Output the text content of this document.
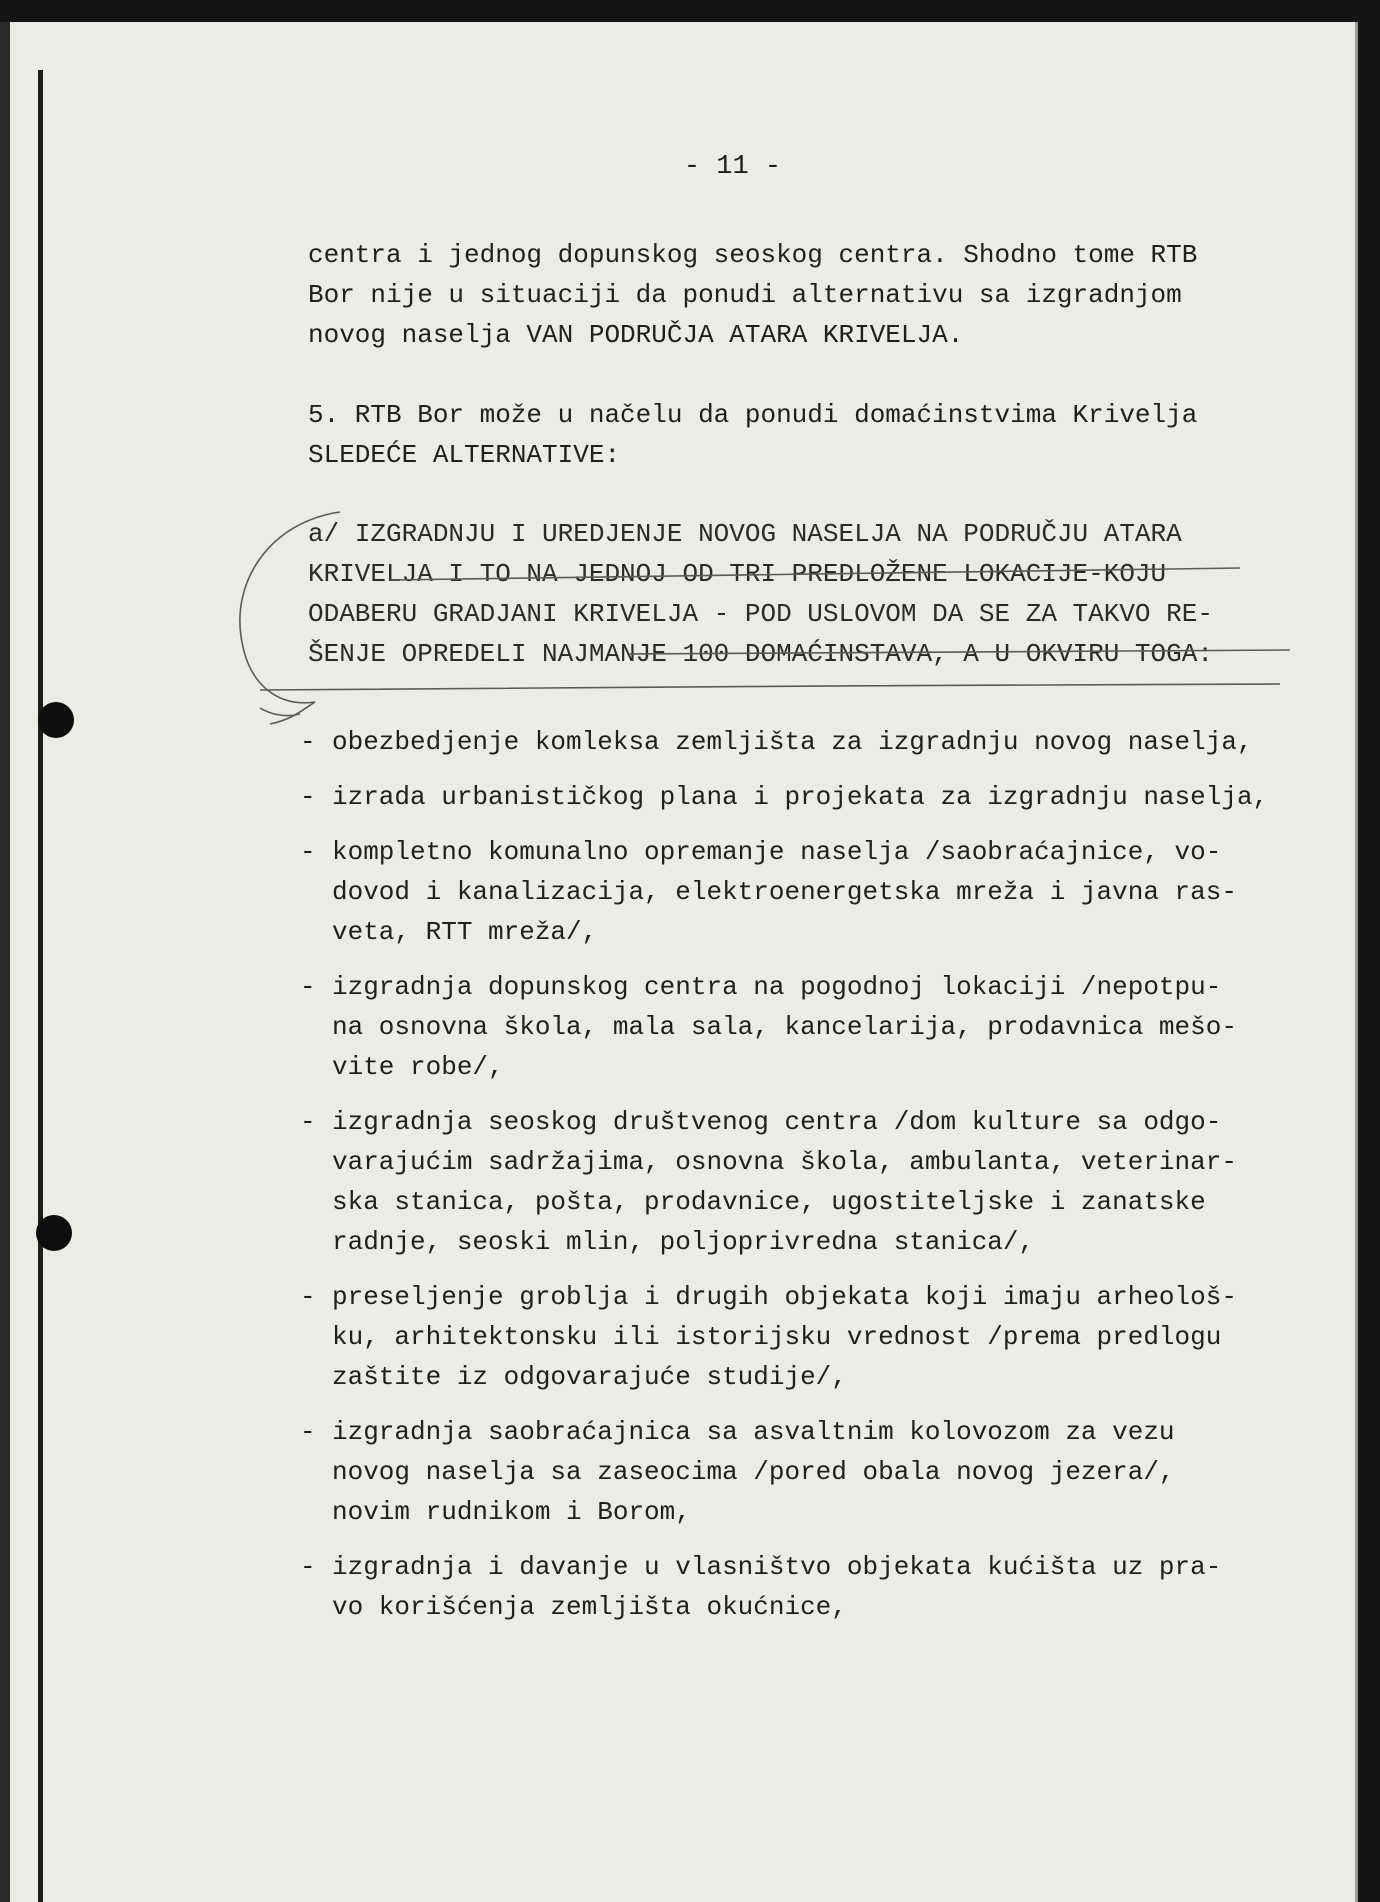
- 11 -
centra i jednog dopunskog seoskog centra. Shodno tome RTB
Bor nije u situaciji da ponudi alternativu sa izgradnjom
novog naselja VAN PODRUČJA ATARA KRIVELJA.
5. RTB Bor može u načelu da ponudi domaćinstvima Krivelja
SLEDEĆE ALTERNATIVE:
a/ IZGRADNJU I UREDJENJE NOVOG NASELJA NA PODRUČJU ATARA
KRIVELJA I TO NA JEDNOJ OD TRI PREDLOŽENE LOKACIJE-KOJU
ODABERU GRADJANI KRIVELJA - POD USLOVOM DA SE ZA TAKVO RE-
ŠENJE OPREDELI NAJMANJE 100 DOMAĆINSTAVA, A U OKVIRU TOGA:
- obezbedjenje komleksa zemljišta za izgradnju novog naselja,
- izrada urbanističkog plana i projekata za izgradnju naselja,
- kompletno komunalno opremanje naselja /saobraćajnice, vo-
dovod i kanalizacija, elektroenergetska mreža i javna ras-
veta, RTT mreža/,
- izgradnja dopunskog centra na pogodnoj lokaciji /nepotpu-
na osnovna škola, mala sala, kancelarija, prodavnica mešo-
vite robe/,
- izgradnja seoskog društvenog centra /dom kulture sa odgo-
varajućim sadržajima, osnovna škola, ambulanta, veterinar-
ska stanica, pošta, prodavnice, ugostiteljske i zanatske
radnje, seoski mlin, poljoprivredna stanica/,
- preseljenje groblja i drugih objekata koji imaju arheološ-
ku, arhitektonsku ili istorijsku vrednost /prema predlogu
zaštite iz odgovarajuće studije/,
- izgradnja saobraćajnica sa asvaltnim kolovozom za vezu
novog naselja sa zaseocima /pored obala novog jezera/,
novim rudnikom i Borom,
- izgradnja i davanje u vlasništvo objekata kućišta uz pra-
vo korišćenja zemljišta okućnice,
